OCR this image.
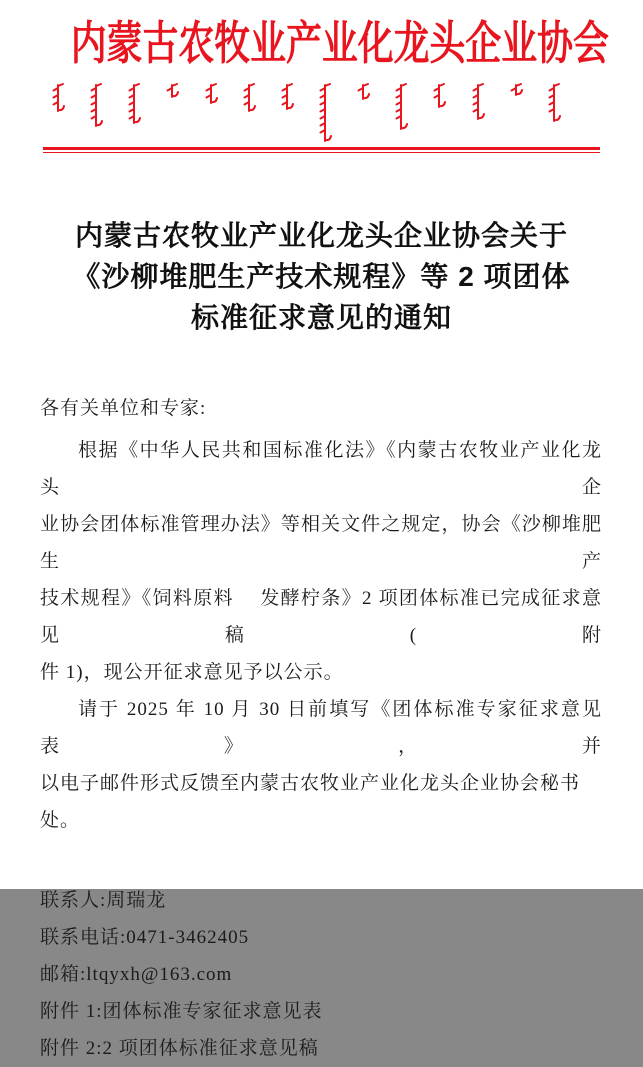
内蒙古农牧业产业化龙头企业协会
内蒙古农牧业产业化龙头企业协会关于
《沙柳堆肥生产技术规程》等 2 项团体
标准征求意见的通知
各有关单位和专家:
根据《中华人民共和国标准化法》《内蒙古农牧业产业化龙头企
业协会团体标准管理办法》等相关文件之规定，协会《沙柳堆肥生产
技术规程》《饲料原料　 发酵柠条》2 项团体标准已完成征求意见稿(附
件 1)，现公开征求意见予以公示。
请于 2025 年 10 月 30 日前填写《团体标准专家征求意见表》，并
以电子邮件形式反馈至内蒙古农牧业产业化龙头企业协会秘书处。
联系人:周瑞龙
联系电话:0471-3462405
邮箱:ltqyxh@163.com
附件 1:团体标准专家征求意见表
附件 2:2 项团体标准征求意见稿
